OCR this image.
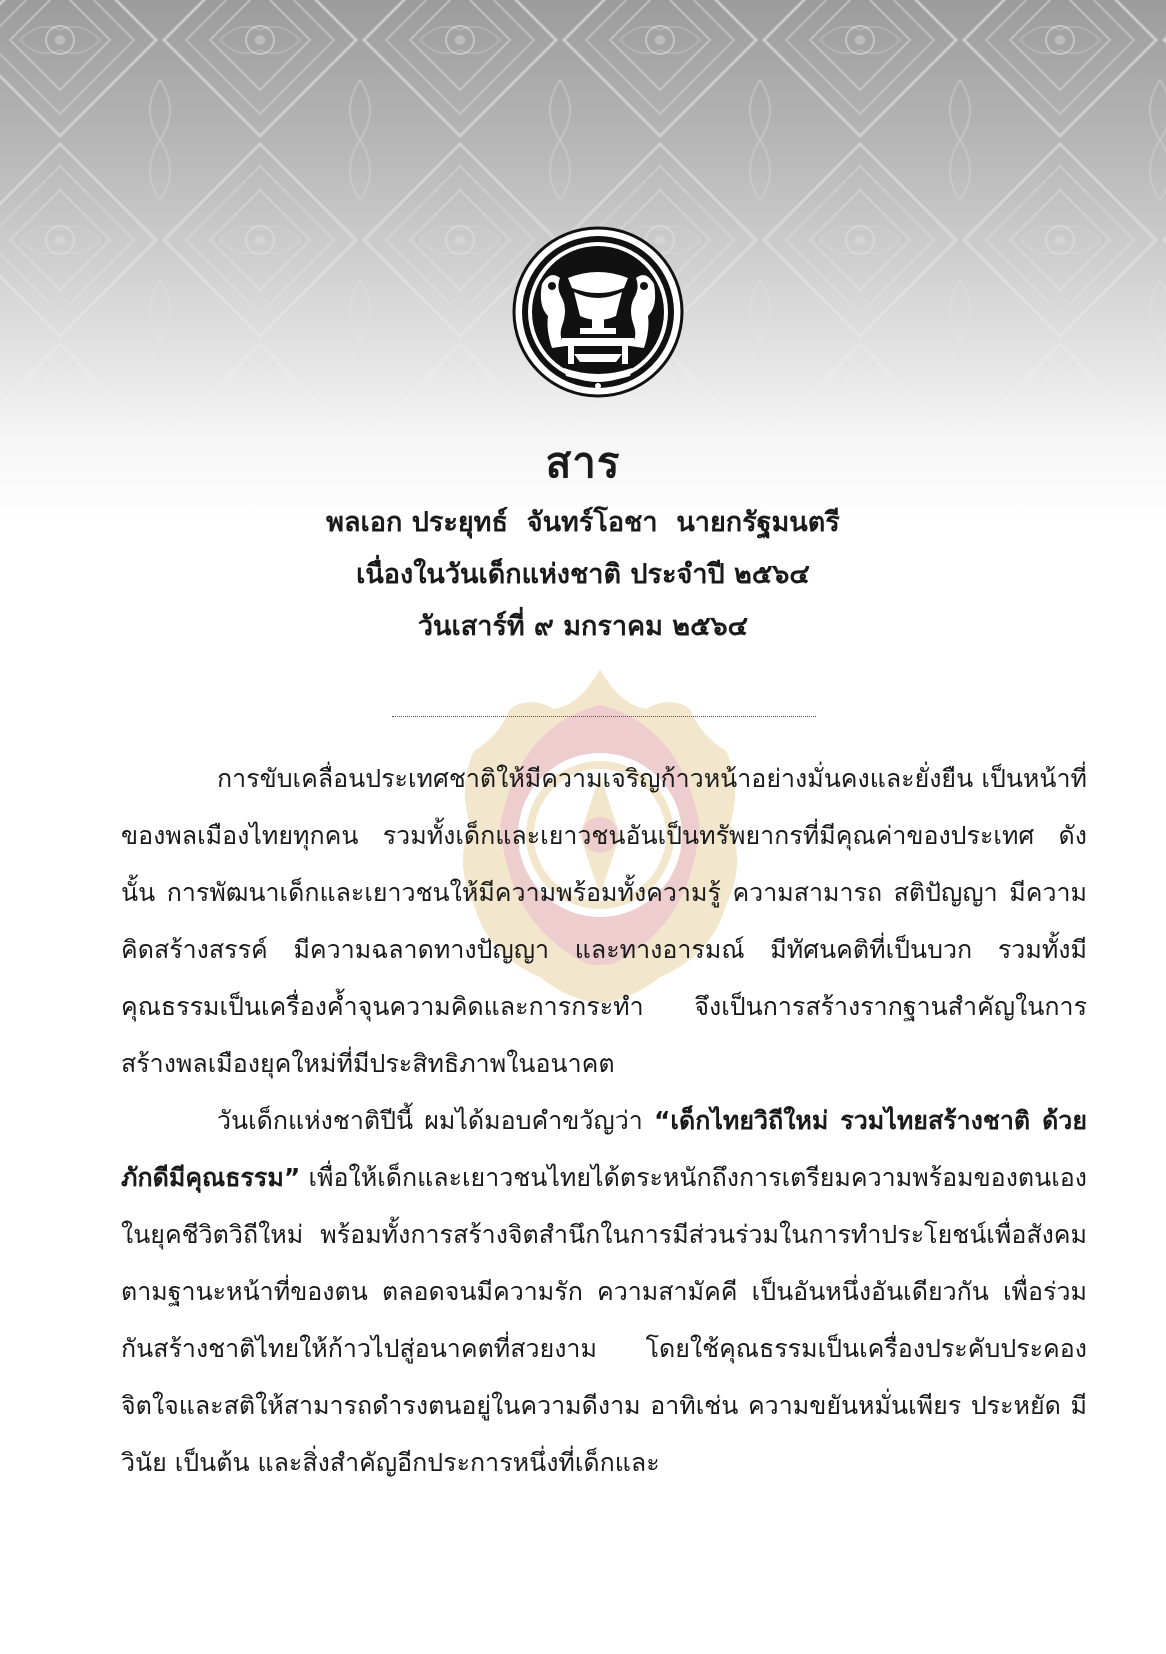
สาร

พลเอก ประยุทธ์  จันทร์โอชา  นายกรัฐมนตรี

เนื่องในวันเด็กแห่งชาติ ประจำปี ๒๕๖๔

วันเสาร์ที่ ๙ มกราคม ๒๕๖๔

การขับเคลื่อนประเทศชาติให้มีความเจริญก้าวหน้าอย่างมั่นคงและยั่งยืน เป็นหน้าที่ของพลเมืองไทยทุกคน รวมทั้งเด็กและเยาวชนอันเป็นทรัพยากรที่มีคุณค่าของประเทศ ดังนั้น การพัฒนาเด็กและเยาวชนให้มีความพร้อมทั้งความรู้ ความสามารถ สติปัญญา มีความคิดสร้างสรรค์ มีความฉลาดทางปัญญา และทางอารมณ์ มีทัศนคติที่เป็นบวก รวมทั้งมีคุณธรรมเป็นเครื่องค้ำจุนความคิดและการกระทำ จึงเป็นการสร้างรากฐานสำคัญในการสร้างพลเมืองยุคใหม่ที่มีประสิทธิภาพในอนาคต

วันเด็กแห่งชาติปีนี้ ผมได้มอบคำขวัญว่า “เด็กไทยวิถีใหม่ รวมไทยสร้างชาติ ด้วยภักดีมีคุณธรรม” เพื่อให้เด็กและเยาวชนไทยได้ตระหนักถึงการเตรียมความพร้อมของตนเองในยุคชีวิตวิถีใหม่ พร้อมทั้งการสร้างจิตสำนึกในการมีส่วนร่วมในการทำประโยชน์เพื่อสังคมตามฐานะหน้าที่ของตน ตลอดจนมีความรัก ความสามัคคี เป็นอันหนึ่งอันเดียวกัน เพื่อร่วมกันสร้างชาติไทยให้ก้าวไปสู่อนาคตที่สวยงาม โดยใช้คุณธรรมเป็นเครื่องประคับประคองจิตใจและสติให้สามารถดำรงตนอยู่ในความดีงาม อาทิเช่น ความขยันหมั่นเพียร ประหยัด มีวินัย เป็นต้น และสิ่งสำคัญอีกประการหนึ่งที่เด็กและ
